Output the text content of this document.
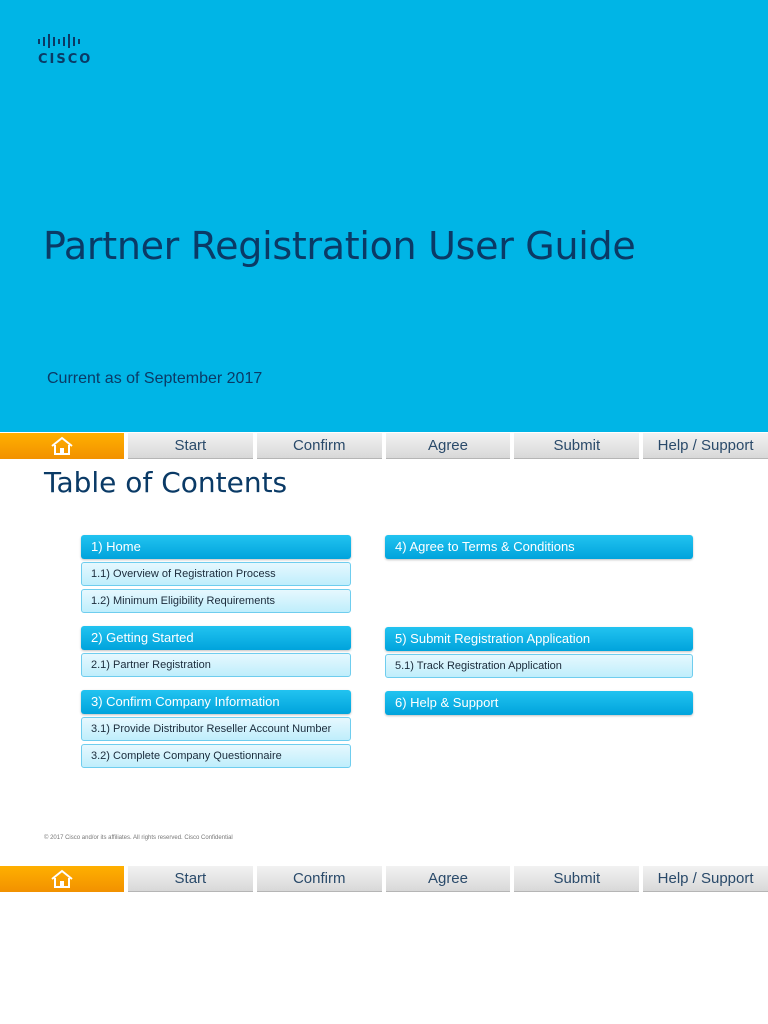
CISCO
Partner Registration User Guide
Current as of September 2017
Start	Confirm	Agree	Submit	Help / Support
Table of Contents
1) Home
1.1) Overview of Registration Process
1.2) Minimum Eligibility Requirements
2) Getting Started
2.1) Partner Registration
3) Confirm Company Information
3.1) Provide Distributor Reseller Account Number
3.2) Complete Company Questionnaire
4) Agree to Terms & Conditions
5) Submit Registration Application
5.1) Track Registration Application
6) Help & Support
© 2017 Cisco and/or its affiliates. All rights reserved. Cisco Confidential
Start	Confirm	Agree	Submit	Help / Support
